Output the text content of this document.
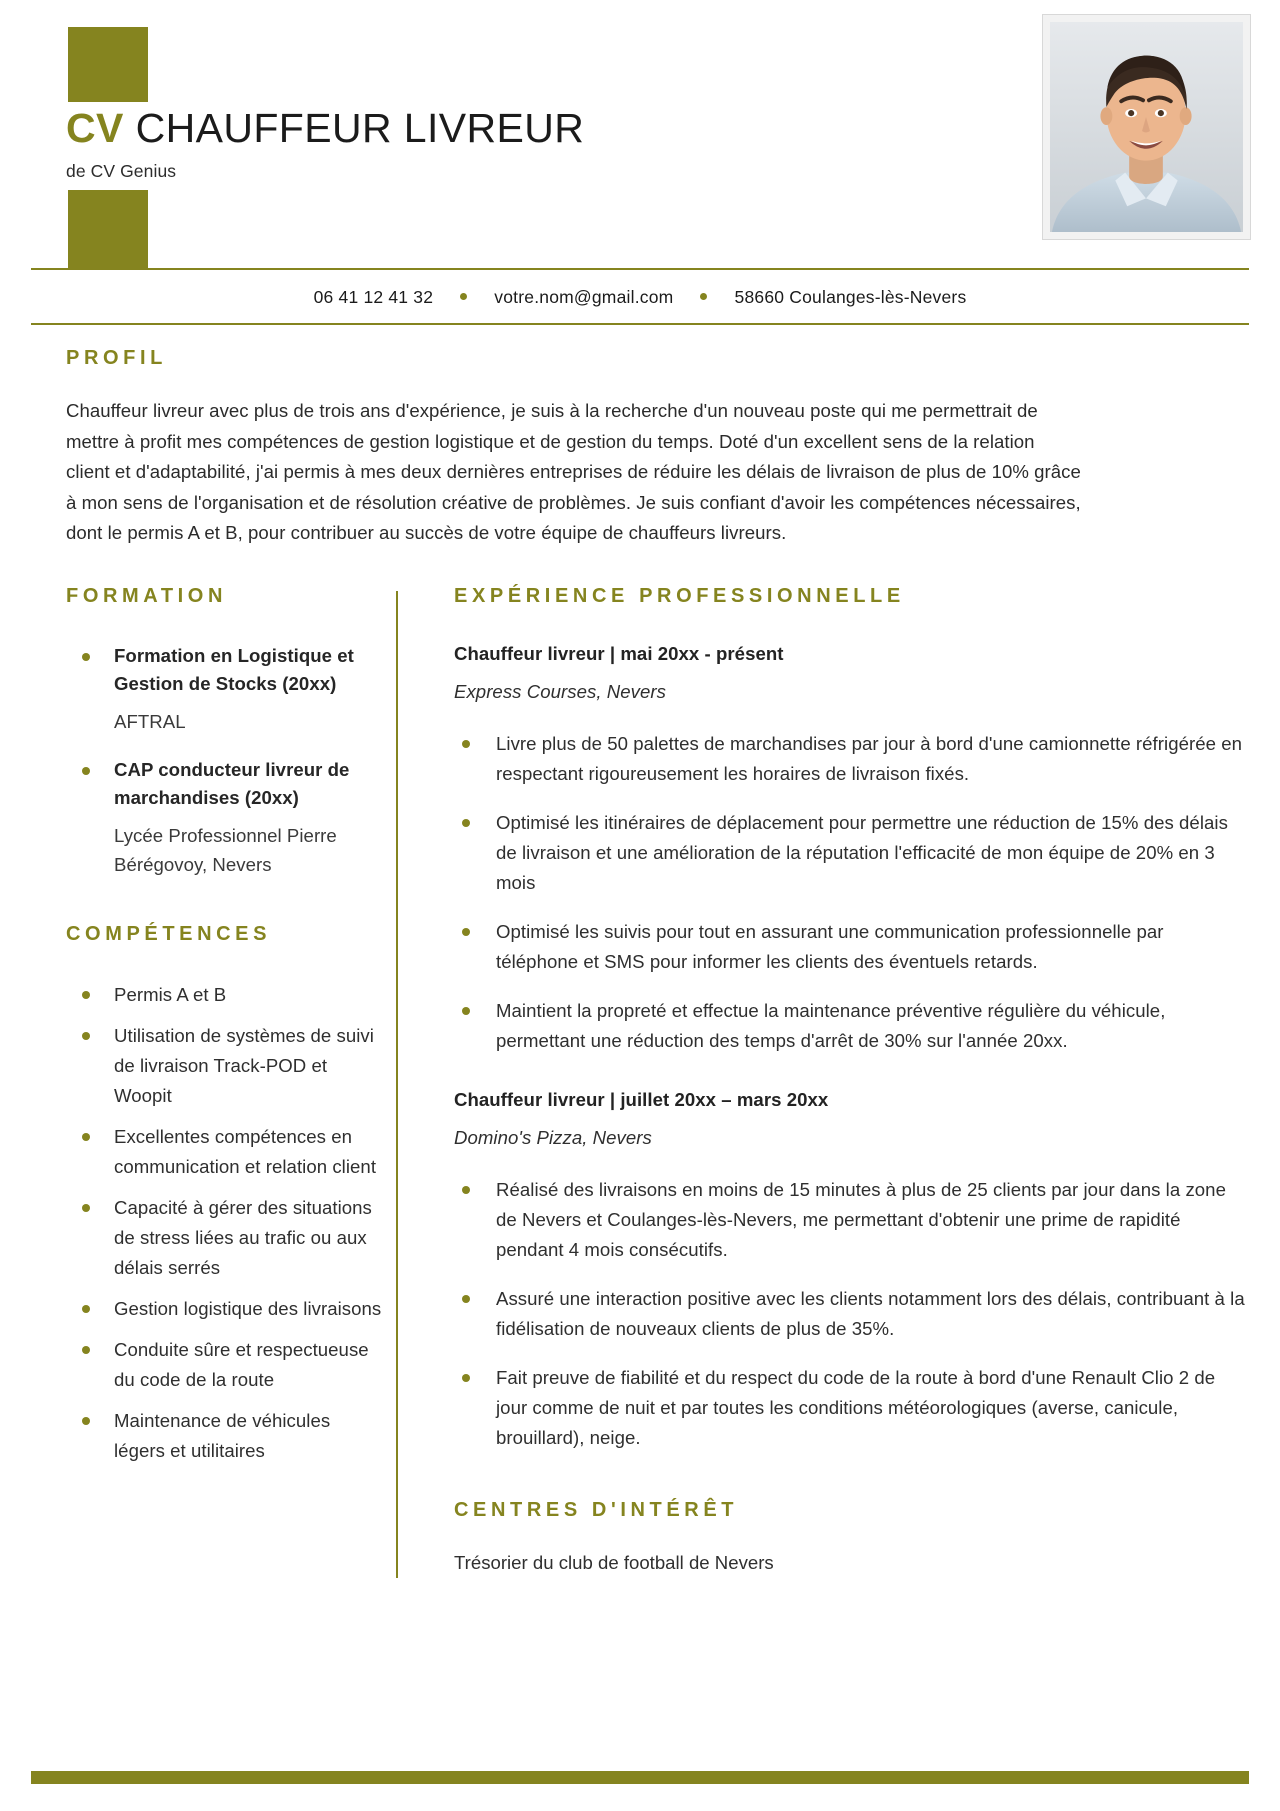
CV CHAUFFEUR LIVREUR
de CV Genius
06 41 12 41 32	votre.nom@gmail.com	58660 Coulanges-lès-Nevers
PROFIL

Chauffeur livreur avec plus de trois ans d'expérience, je suis à la recherche d'un nouveau poste qui me permettrait de mettre à profit mes compétences de gestion logistique et de gestion du temps. Doté d'un excellent sens de la relation client et d'adaptabilité, j'ai permis à mes deux dernières entreprises de réduire les délais de livraison de plus de 10% grâce à mon sens de l'organisation et de résolution créative de problèmes. Je suis confiant d'avoir les compétences nécessaires, dont le permis A et B, pour contribuer au succès de votre équipe de chauffeurs livreurs.

FORMATION
Formation en Logistique et Gestion de Stocks (20xx)
AFTRAL
CAP conducteur livreur de marchandises (20xx)
Lycée Professionnel Pierre Bérégovoy, Nevers
COMPÉTENCES
Permis A et B
Utilisation de systèmes de suivi de livraison Track-POD et Woopit
Excellentes compétences en communication et relation client
Capacité à gérer des situations de stress liées au trafic ou aux délais serrés
Gestion logistique des livraisons
Conduite sûre et respectueuse du code de la route
Maintenance de véhicules légers et utilitaires
EXPÉRIENCE PROFESSIONNELLE
Chauffeur livreur | mai 20xx - présent
Express Courses, Nevers
Livre plus de 50 palettes de marchandises par jour à bord d'une camionnette réfrigérée en respectant rigoureusement les horaires de livraison fixés.
Optimisé les itinéraires de déplacement pour permettre une réduction de 15% des délais de livraison et une amélioration de la réputation l'efficacité de mon équipe de 20% en 3 mois
Optimisé les suivis pour tout en assurant une communication professionnelle par téléphone et SMS pour informer les clients des éventuels retards.
Maintient la propreté et effectue la maintenance préventive régulière du véhicule, permettant une réduction des temps d'arrêt de 30% sur l'année 20xx.
Chauffeur livreur | juillet 20xx – mars 20xx
Domino's Pizza, Nevers
Réalisé des livraisons en moins de 15 minutes à plus de 25 clients par jour dans la zone de Nevers et Coulanges-lès-Nevers, me permettant d'obtenir une prime de rapidité pendant 4 mois consécutifs.
Assuré une interaction positive avec les clients notamment lors des délais, contribuant à la fidélisation de nouveaux clients de plus de 35%.
Fait preuve de fiabilité et du respect du code de la route à bord d'une Renault Clio 2 de jour comme de nuit et par toutes les conditions météorologiques (averse, canicule, brouillard), neige.
CENTRES D'INTÉRÊT
Trésorier du club de football de Nevers
